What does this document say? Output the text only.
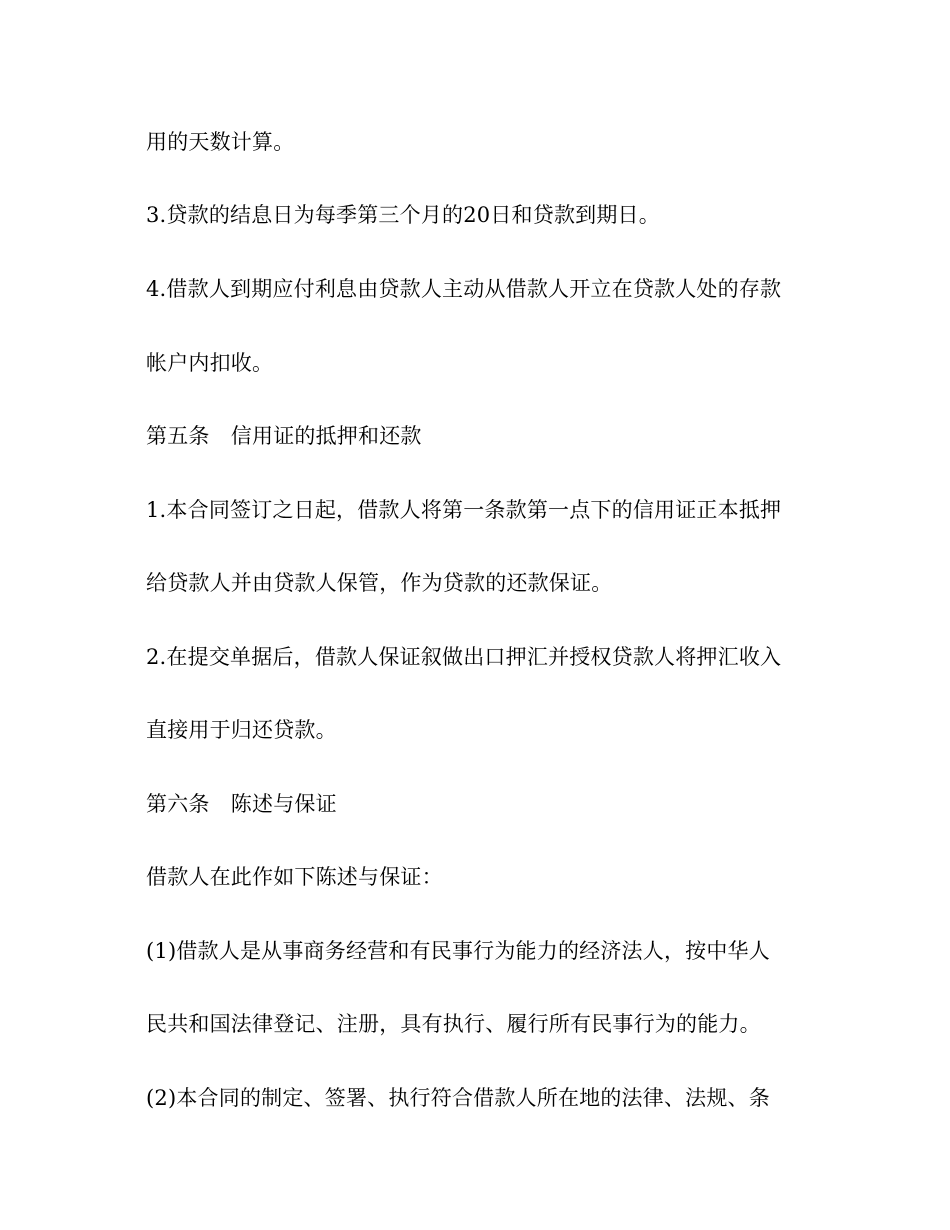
用的天数计算。
3.贷款的结息日为每季第三个月的20日和贷款到期日。
4.借款人到期应付利息由贷款人主动从借款人开立在贷款人处的存款
帐户内扣收。
第五条　信用证的抵押和还款
1.本合同签订之日起，借款人将第一条款第一点下的信用证正本抵押
给贷款人并由贷款人保管，作为贷款的还款保证。
2.在提交单据后，借款人保证叙做出口押汇并授权贷款人将押汇收入
直接用于归还贷款。
第六条　陈述与保证
借款人在此作如下陈述与保证：
(1)借款人是从事商务经营和有民事行为能力的经济法人，按中华人
民共和国法律登记、注册，具有执行、履行所有民事行为的能力。
(2)本合同的制定、签署、执行符合借款人所在地的法律、法规、条
